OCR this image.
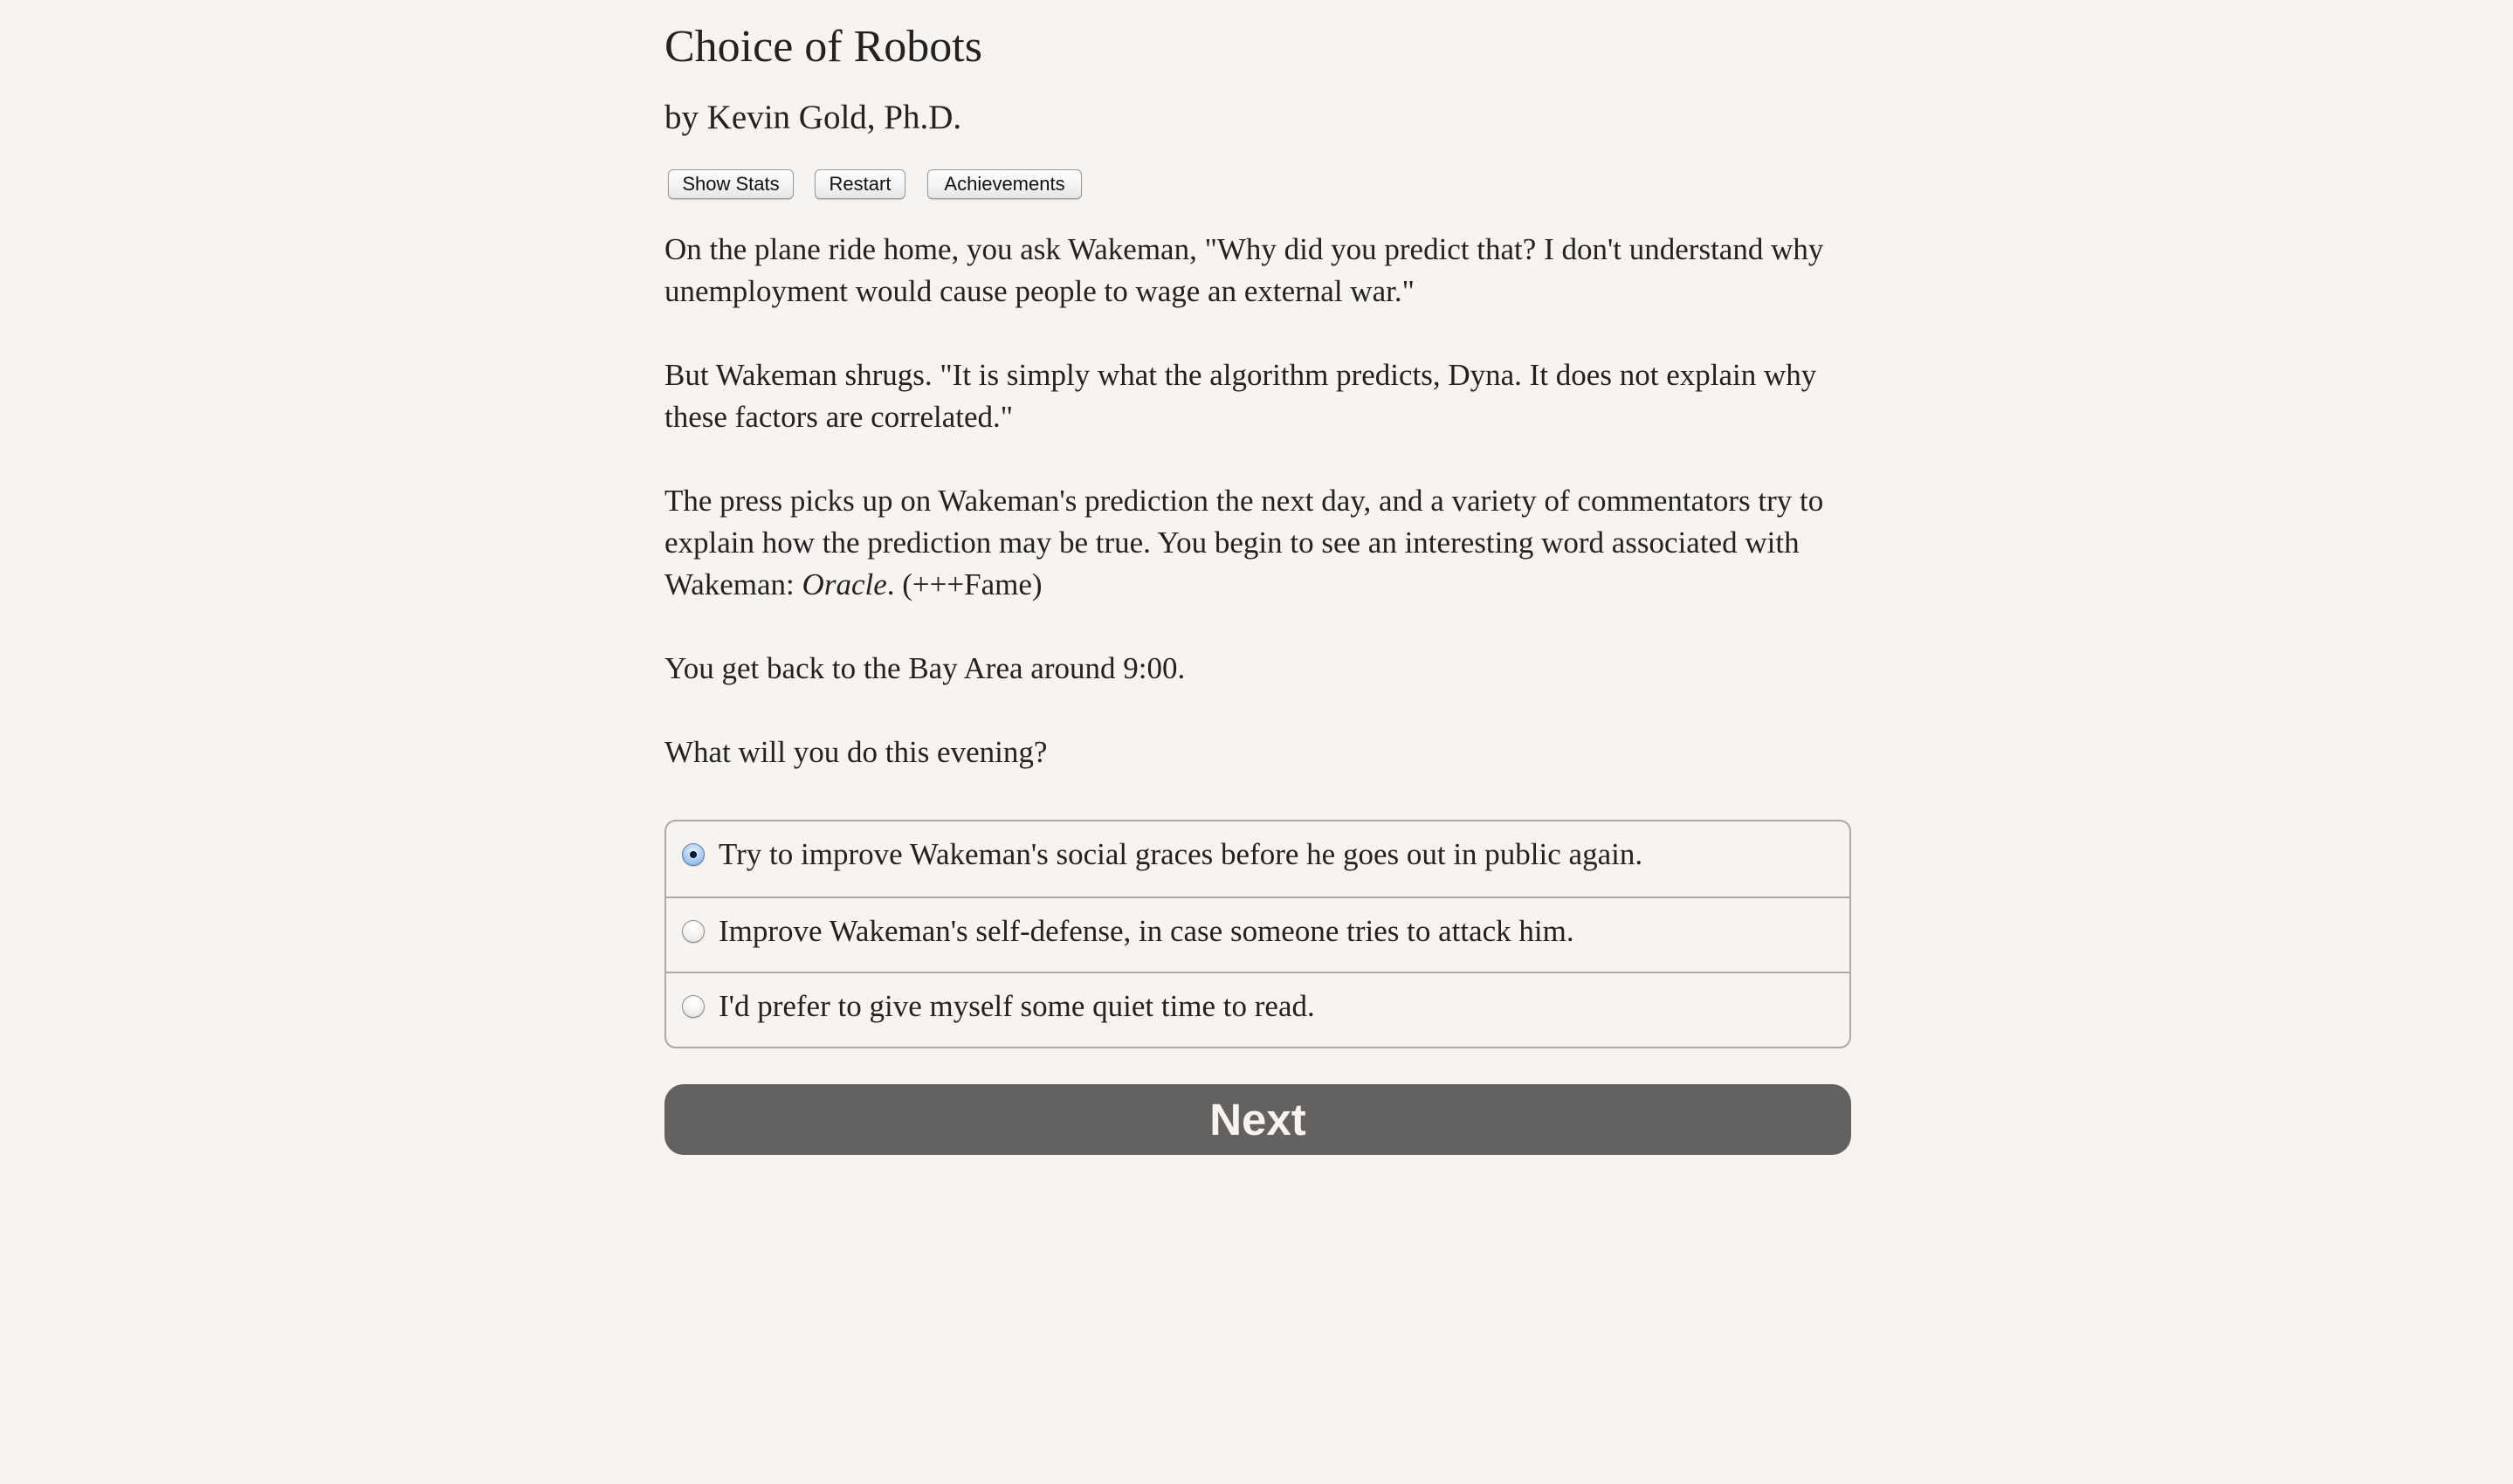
Choice of Robots
by Kevin Gold, Ph.D.
Show Stats	Restart	Achievements

On the plane ride home, you ask Wakeman, "Why did you predict that? I don't understand why
unemployment would cause people to wage an external war."

But Wakeman shrugs. "It is simply what the algorithm predicts, Dyna. It does not explain why
these factors are correlated."

The press picks up on Wakeman's prediction the next day, and a variety of commentators try to
explain how the prediction may be true. You begin to see an interesting word associated with
Wakeman: Oracle. (+++Fame)

You get back to the Bay Area around 9:00.

What will you do this evening?

Try to improve Wakeman's social graces before he goes out in public again.
Improve Wakeman's self-defense, in case someone tries to attack him.
I'd prefer to give myself some quiet time to read.
Next
